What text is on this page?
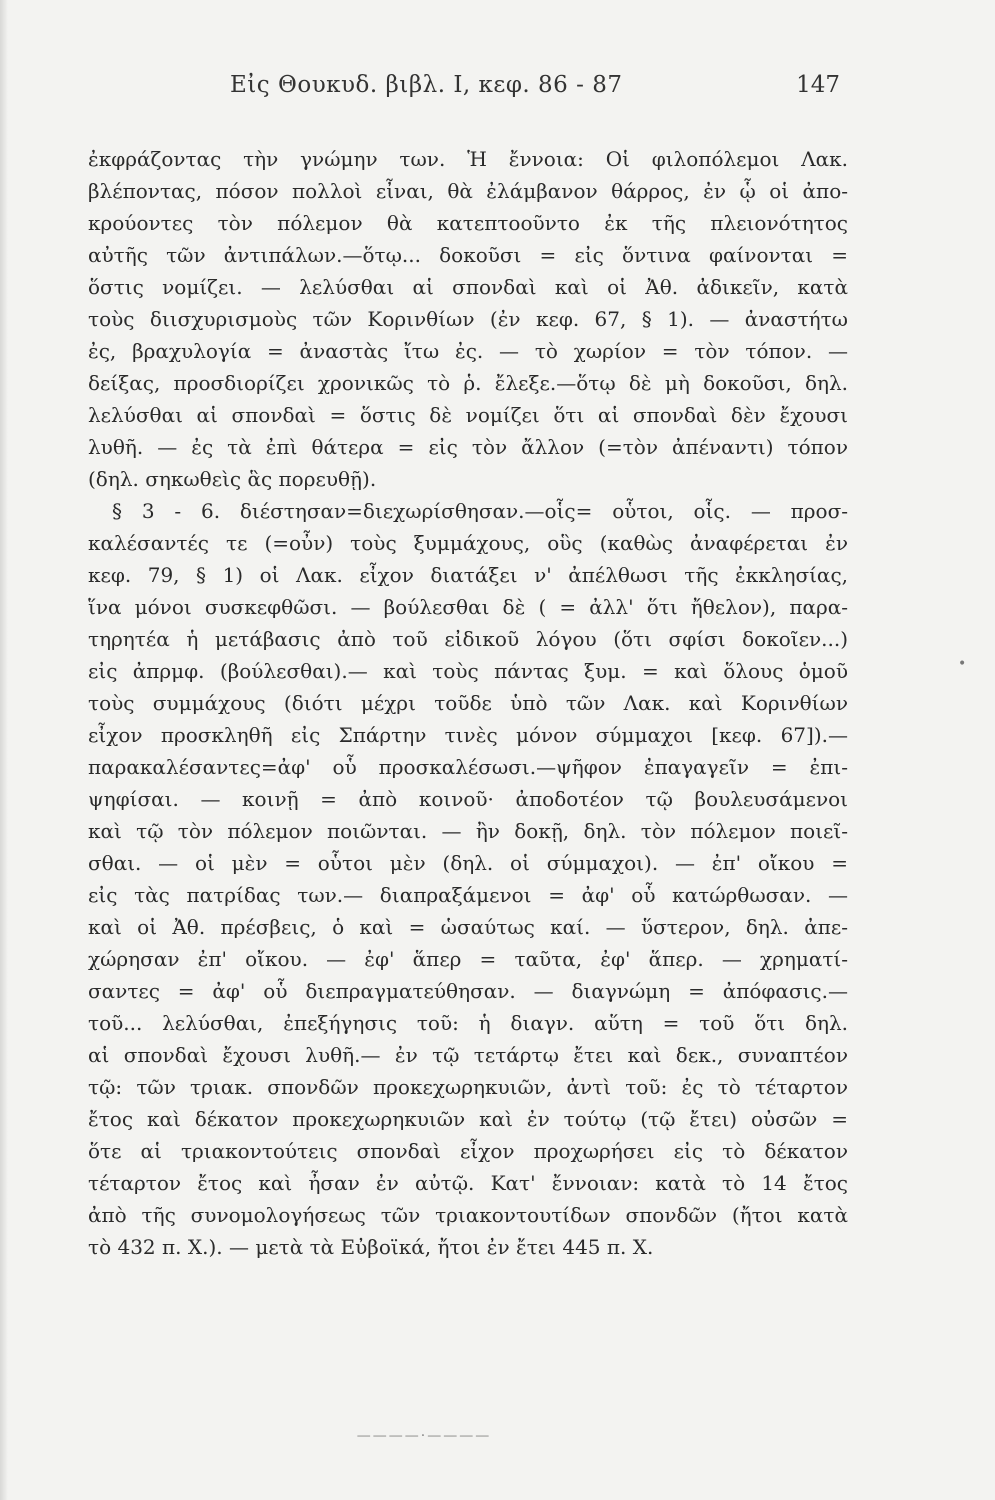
Εἰς Θουκυδ. βιβλ. Ι, κεφ. 86 - 87	147
ἐκφράζοντας τὴν γνώμην των. Ἡ ἔννοια: Οἱ φιλοπόλεμοι Λακ.
βλέποντας, πόσον πολλοὶ εἶναι, θὰ ἐλάμβανον θάρρος, ἐν ᾧ οἱ ἀπο-
κρούοντες τὸν πόλεμον θὰ κατεπτοοῦντο ἐκ τῆς πλειονότητος
αὐτῆς τῶν ἀντιπάλων.—ὅτῳ... δοκοῦσι = εἰς ὅντινα φαίνονται =
ὅστις νομίζει. — λελύσθαι αἱ σπονδαὶ καὶ οἱ Ἀθ. ἀδικεῖν, κατὰ
τοὺς διισχυρισμοὺς τῶν Κορινθίων (ἐν κεφ. 67, § 1). — ἀναστήτω
ἐς, βραχυλογία = ἀναστὰς ἴτω ἐς. — τὸ χωρίον = τὸν τόπον. —
δείξας, προσδιορίζει χρονικῶς τὸ ῥ. ἔλεξε.—ὅτῳ δὲ μὴ δοκοῦσι, δηλ.
λελύσθαι αἱ σπονδαὶ = ὅστις δὲ νομίζει ὅτι αἱ σπονδαὶ δὲν ἔχουσι
λυθῆ. — ἐς τὰ ἐπὶ θάτερα = εἰς τὸν ἄλλον (=τὸν ἀπέναντι) τόπον
(δηλ. σηκωθεὶς ἃς πορευθῇ).
§ 3 - 6. διέστησαν=διεχωρίσθησαν.—οἷς= οὗτοι, οἷς. — προσ-
καλέσαντές τε (=οὖν) τοὺς ξυμμάχους, οὓς (καθὼς ἀναφέρεται ἐν
κεφ. 79, § 1) οἱ Λακ. εἶχον διατάξει ν' ἀπέλθωσι τῆς ἐκκλησίας,
ἵνα μόνοι συσκεφθῶσι. — βούλεσθαι δὲ ( = ἀλλ' ὅτι ἤθελον), παρα-
τηρητέα ἡ μετάβασις ἀπὸ τοῦ εἰδικοῦ λόγου (ὅτι σφίσι δοκοῖεν...)
εἰς ἀπρμφ. (βούλεσθαι).— καὶ τοὺς πάντας ξυμ. = καὶ ὅλους ὁμοῦ
τοὺς συμμάχους (διότι μέχρι τοῦδε ὑπὸ τῶν Λακ. καὶ Κορινθίων
εἶχον προσκληθῆ εἰς Σπάρτην τινὲς μόνον σύμμαχοι [κεφ. 67]).—
παρακαλέσαντες=ἀφ' οὗ προσκαλέσωσι.—ψῆφον ἐπαγαγεῖν = ἐπι-
ψηφίσαι. — κοινῇ = ἀπὸ κοινοῦ· ἀποδοτέον τῷ βουλευσάμενοι
καὶ τῷ τὸν πόλεμον ποιῶνται. — ἢν δοκῇ, δηλ. τὸν πόλεμον ποιεῖ-
σθαι. — οἱ μὲν = οὗτοι μὲν (δηλ. οἱ σύμμαχοι). — ἐπ' οἴκου =
εἰς τὰς πατρίδας των.— διαπραξάμενοι = ἀφ' οὗ κατώρθωσαν. —
καὶ οἱ Ἀθ. πρέσβεις, ὁ καὶ = ὡσαύτως καί. — ὕστερον, δηλ. ἀπε-
χώρησαν ἐπ' οἴκου. — ἐφ' ἅπερ = ταῦτα, ἐφ' ἅπερ. — χρηματί-
σαντες = ἀφ' οὗ διεπραγματεύθησαν. — διαγνώμη = ἀπόφασις.—
τοῦ... λελύσθαι, ἐπεξήγησις τοῦ: ἡ διαγν. αὕτη = τοῦ ὅτι δηλ.
αἱ σπονδαὶ ἔχουσι λυθῆ.— ἐν τῷ τετάρτῳ ἔτει καὶ δεκ., συναπτέον
τῷ: τῶν τριακ. σπονδῶν προκεχωρηκυιῶν, ἀντὶ τοῦ: ἐς τὸ τέταρτον
ἔτος καὶ δέκατον προκεχωρηκυιῶν καὶ ἐν τούτῳ (τῷ ἔτει) οὐσῶν =
ὅτε αἱ τριακοντούτεις σπονδαὶ εἶχον προχωρήσει εἰς τὸ δέκατον
τέταρτον ἔτος καὶ ἦσαν ἐν αὐτῷ. Κατ' ἔννοιαν: κατὰ τὸ 14 ἔτος
ἀπὸ τῆς συνομολογήσεως τῶν τριακοντουτίδων σπονδῶν (ἤτοι κατὰ
τὸ 432 π. Χ.). — μετὰ τὰ Εὐβοϊκά, ἤτοι ἐν ἔτει 445 π. Χ.
————·————
•
